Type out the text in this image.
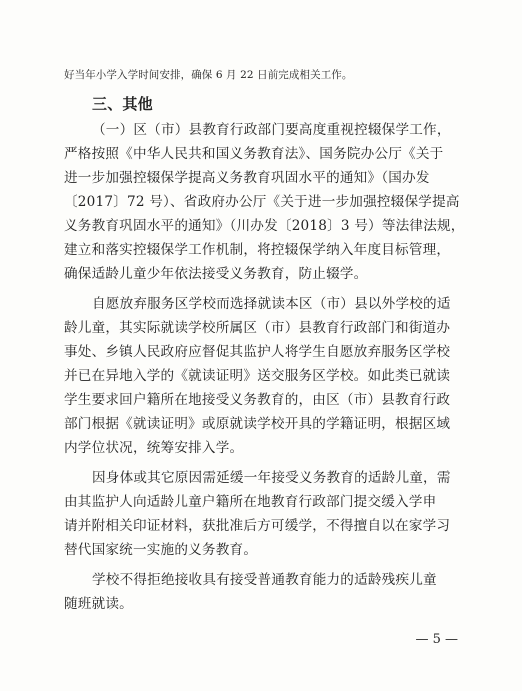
好当年小学入学时间安排，确保 6 月 22 日前完成相关工作。

三、其他

（一）区（市）县教育行政部门要高度重视控辍保学工作，

严格按照《中华人民共和国义务教育法》、国务院办公厅《关于

进一步加强控辍保学提高义务教育巩固水平的通知》（国办发

〔2017〕72 号）、省政府办公厅《关于进一步加强控辍保学提高

义务教育巩固水平的通知》（川办发〔2018〕3 号）等法律法规，

建立和落实控辍保学工作机制，将控辍保学纳入年度目标管理，

确保适龄儿童少年依法接受义务教育，防止辍学。

自愿放弃服务区学校而选择就读本区（市）县以外学校的适

龄儿童，其实际就读学校所属区（市）县教育行政部门和街道办

事处、乡镇人民政府应督促其监护人将学生自愿放弃服务区学校

并已在异地入学的《就读证明》送交服务区学校。如此类已就读

学生要求回户籍所在地接受义务教育的，由区（市）县教育行政

部门根据《就读证明》或原就读学校开具的学籍证明，根据区域

内学位状况，统筹安排入学。

因身体或其它原因需延缓一年接受义务教育的适龄儿童，需

由其监护人向适龄儿童户籍所在地教育行政部门提交缓入学申

请并附相关印证材料，获批准后方可缓学，不得擅自以在家学习

替代国家统一实施的义务教育。

学校不得拒绝接收具有接受普通教育能力的适龄残疾儿童

随班就读。

— 5 —
